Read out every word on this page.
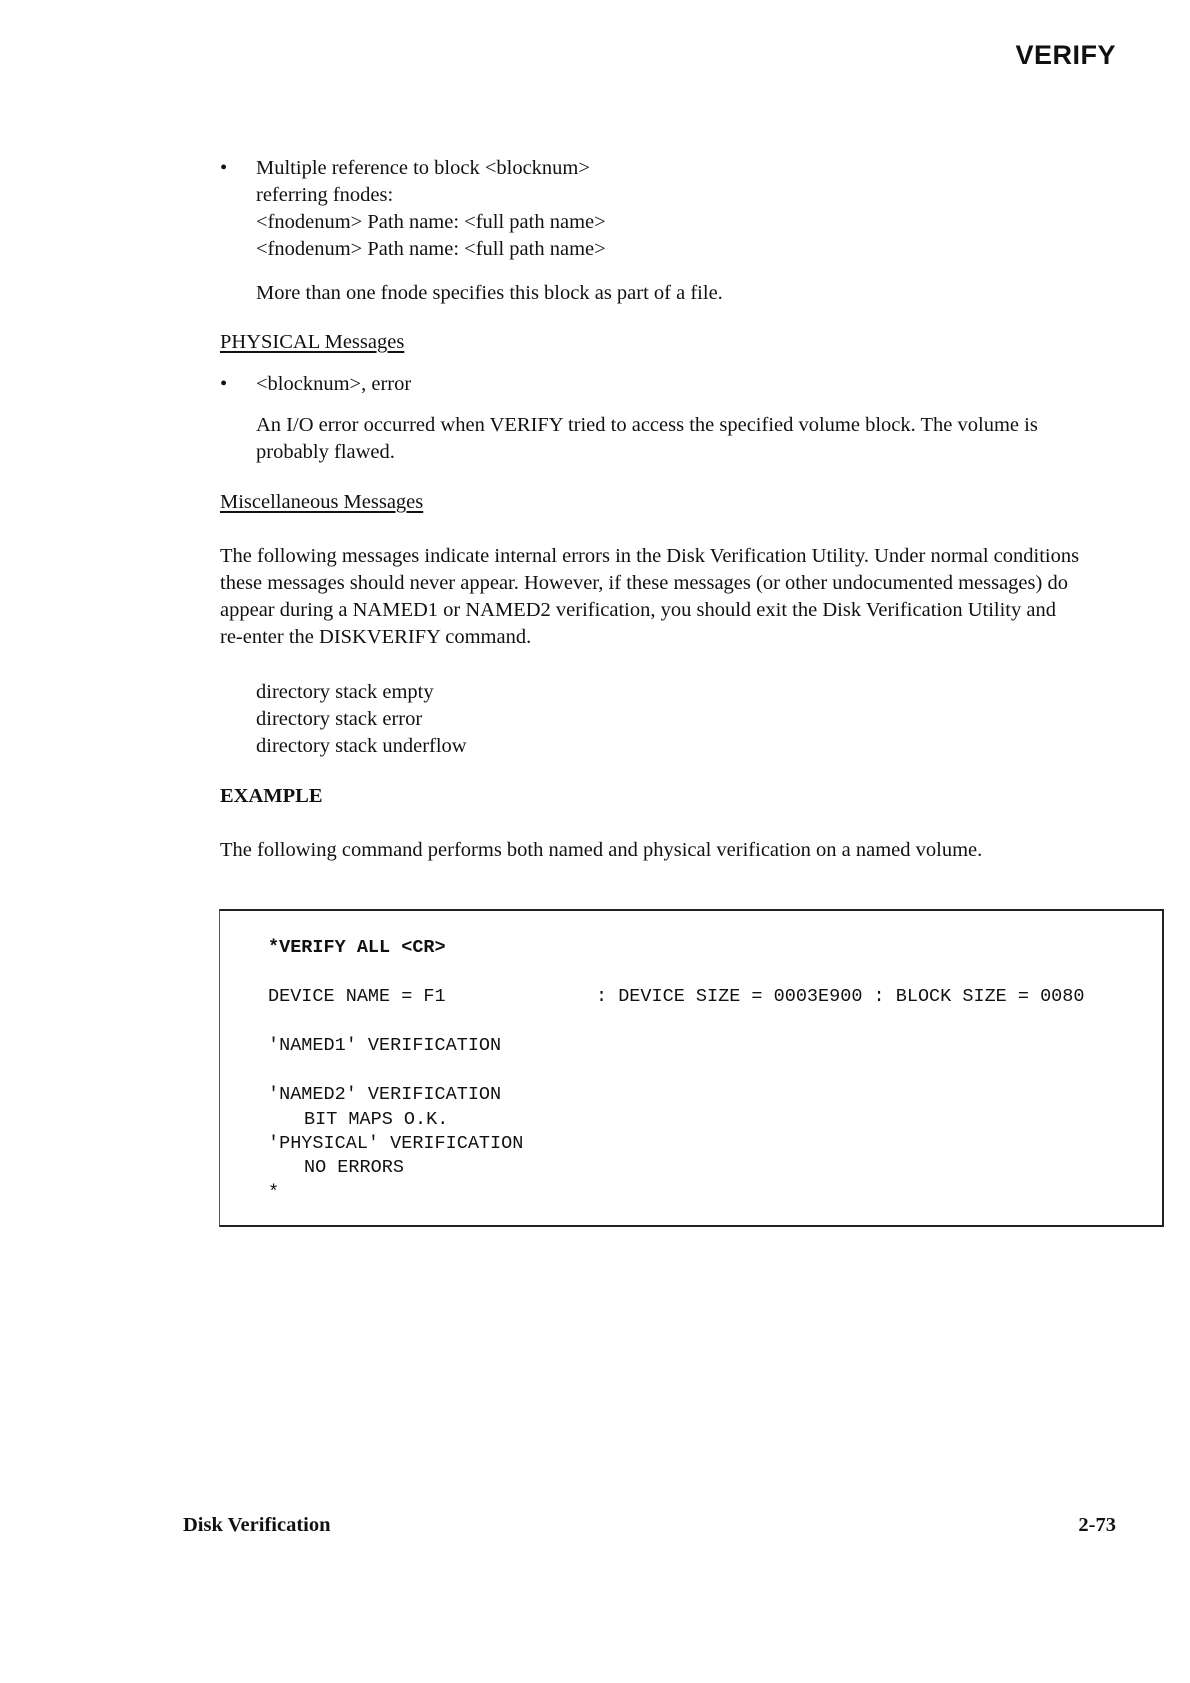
VERIFY
• Multiple reference to block <blocknum>
referring fnodes:
<fnodenum> Path name: <full path name>
<fnodenum> Path name: <full path name>
More than one fnode specifies this block as part of a file.
PHYSICAL Messages
• <blocknum>, error
An I/O error occurred when VERIFY tried to access the specified volume block. The volume is probably flawed.
Miscellaneous Messages
The following messages indicate internal errors in the Disk Verification Utility. Under normal conditions these messages should never appear. However, if these messages (or other undocumented messages) do appear during a NAMED1 or NAMED2 verification, you should exit the Disk Verification Utility and re-enter the DISKVERIFY command.
directory stack empty
directory stack error
directory stack underflow
EXAMPLE
The following command performs both named and physical verification on a named volume.
*VERIFY ALL <CR>
DEVICE NAME = F1	: DEVICE SIZE = 0003E900 : BLOCK SIZE = 0080
'NAMED1' VERIFICATION
'NAMED2' VERIFICATION
BIT MAPS O.K.
'PHYSICAL' VERIFICATION
NO ERRORS
*
Disk Verification	2-73
